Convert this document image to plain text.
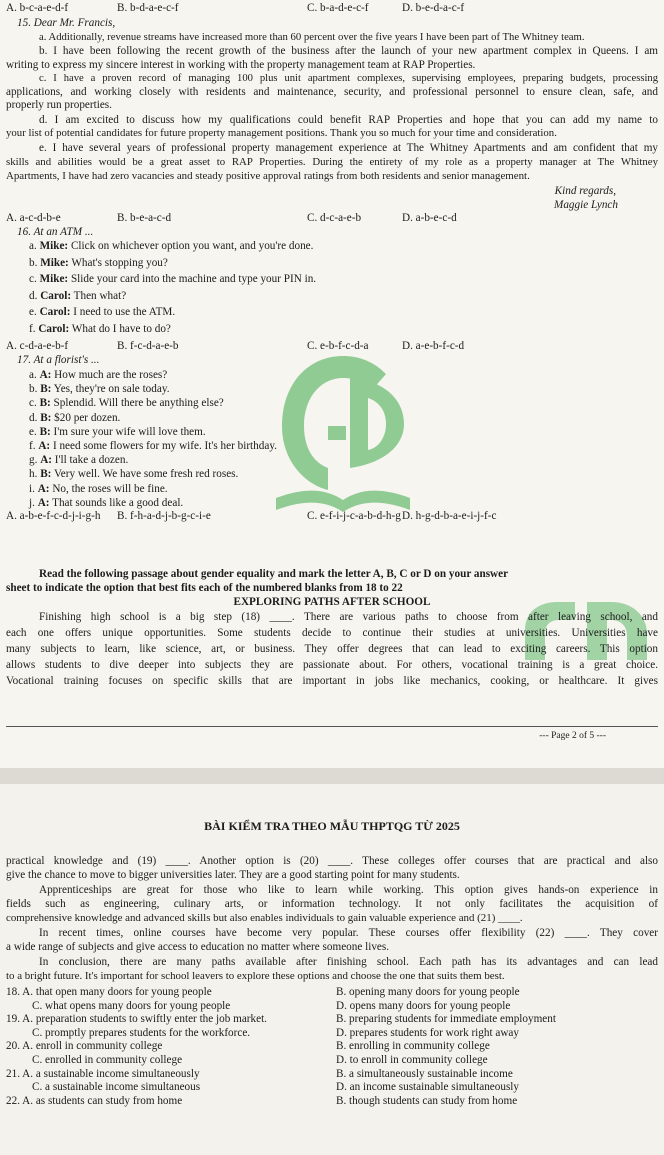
A. b-c-a-e-d-f	B. b-d-a-e-c-f	C. b-a-d-e-c-f	D. b-e-d-a-c-f
15. Dear Mr. Francis,
a. Additionally, revenue streams have increased more than 60 percent over the five years I have been part of The Whitney team.
b. I have been following the recent growth of the business after the launch of your new apartment complex in Queens. I am
writing to express my sincere interest in working with the property management team at RAP Properties.
c. I have a proven record of managing 100 plus unit apartment complexes, supervising employees, preparing budgets, processing
applications, and working closely with residents and maintenance, security, and professional personnel to ensure clean, safe, and
properly run properties.
d. I am excited to discuss how my qualifications could benefit RAP Properties and hope that you can add my name to
your list of potential candidates for future property management positions. Thank you so much for your time and consideration.
e. I have several years of professional property management experience at The Whitney Apartments and am confident that my
skills and abilities would be a great asset to RAP Properties. During the entirety of my role as a property manager at The Whitney
Apartments, I have had zero vacancies and steady positive approval ratings from both residents and senior management.
Kind regards,
Maggie Lynch
A. a-c-d-b-e	B. b-e-a-c-d	C. d-c-a-e-b	D. a-b-e-c-d
16. At an ATM ...
a. Mike: Click on whichever option you want, and you're done.
b. Mike: What's stopping you?
c. Mike: Slide your card into the machine and type your PIN in.
d. Carol: Then what?
e. Carol: I need to use the ATM.
f. Carol: What do I have to do?
A. c-d-a-e-b-f	B. f-c-d-a-e-b	C. e-b-f-c-d-a	D. a-e-b-f-c-d
17. At a florist's ...
a. A: How much are the roses?
b. B: Yes, they're on sale today.
c. B: Splendid. Will there be anything else?
d. B: $20 per dozen.
e. B: I'm sure your wife will love them.
f. A: I need some flowers for my wife. It's her birthday.
g. A: I'll take a dozen.
h. B: Very well. We have some fresh red roses.
i. A: No, the roses will be fine.
j. A: That sounds like a good deal.
A. a-b-e-f-c-d-j-i-g-h	B. f-h-a-d-j-b-g-c-i-e	C. e-f-i-j-c-a-b-d-h-g D. h-g-d-b-a-e-i-j-f-c
Read the following passage about gender equality and mark the letter A, B, C or D on your answer
sheet to indicate the option that best fits each of the numbered blanks from 18 to 22
EXPLORING PATHS AFTER SCHOOL
Finishing high school is a big step (18) ____. There are various paths to choose from after leaving school, and
each one offers unique opportunities. Some students decide to continue their studies at universities. Universities have
many subjects to learn, like science, art, or business. They offer degrees that can lead to exciting careers. This option
allows students to dive deeper into subjects they are passionate about. For others, vocational training is a great choice.
Vocational training focuses on specific skills that are important in jobs like mechanics, cooking, or healthcare. It gives
--- Page 2 of 5 ---
BÀI KIỂM TRA THEO MẪU THPTQG TỪ 2025
practical knowledge and (19) ____. Another option is (20) ____. These colleges offer courses that are practical and also
give the chance to move to bigger universities later. They are a good starting point for many students.
Apprenticeships are great for those who like to learn while working. This option gives hands-on experience in
fields such as engineering, culinary arts, or information technology. It not only facilitates the acquisition of
comprehensive knowledge and advanced skills but also enables individuals to gain valuable experience and (21) ____.
In recent times, online courses have become very popular. These courses offer flexibility (22) ____. They cover
a wide range of subjects and give access to education no matter where someone lives.
In conclusion, there are many paths available after finishing school. Each path has its advantages and can lead
to a bright future. It's important for school leavers to explore these options and choose the one that suits them best.
18. A. that open many doors for young people	B. opening many doors for young people
C. what opens many doors for young people	D. opens many doors for young people
19. A. preparation students to swiftly enter the job market.	B. preparing students for immediate employment
C. promptly prepares students for the workforce.	D. prepares students for work right away
20. A. enroll in community college	B. enrolling in community college
C. enrolled in community college	D. to enroll in community college
21. A. a sustainable income simultaneously	B. a simultaneously sustainable income
C. a sustainable income simultaneous	D. an income sustainable simultaneously
22. A. as students can study from home	B. though students can study from home
